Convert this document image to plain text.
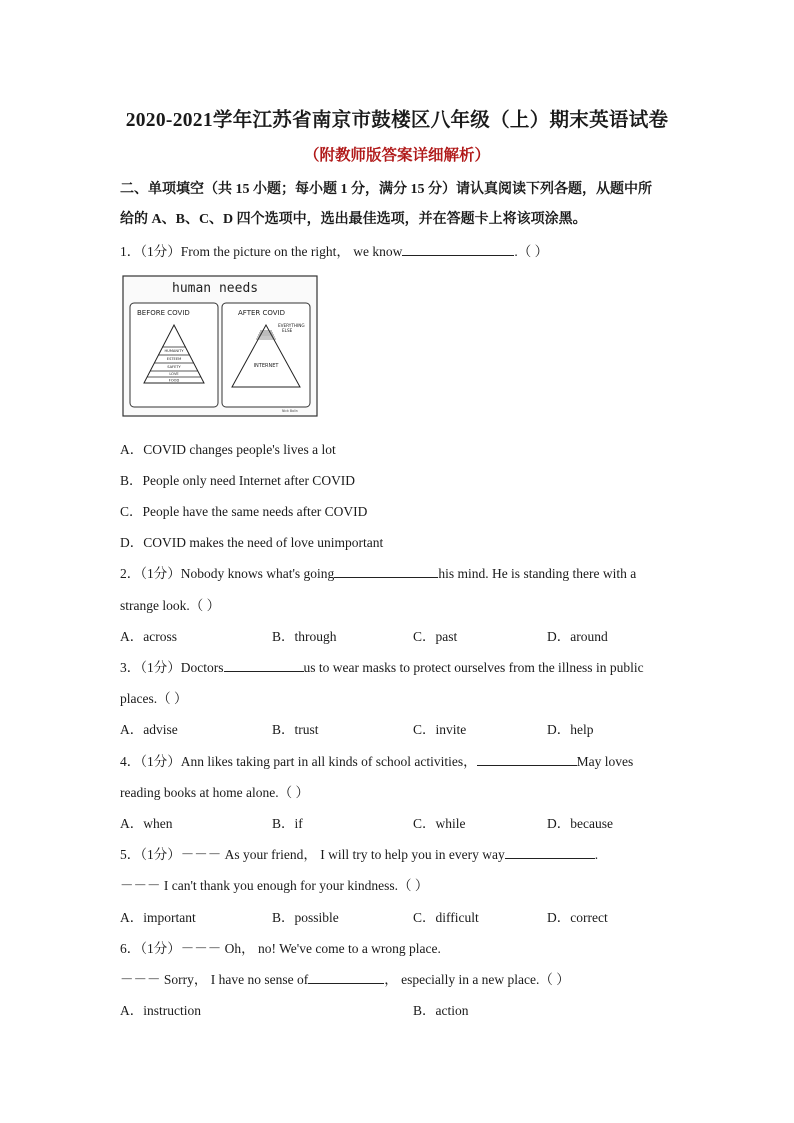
2020-2021学年江苏省南京市鼓楼区八年级（上）期末英语试卷
（附教师版答案详细解析）
二、单项填空（共 15 小题；每小题 1 分，满分 15 分）请认真阅读下列各题，从题中所
给的 A、B、C、D 四个选项中，选出最佳选项，并在答题卡上将该项涂黑。
1．（1分）From the picture on the right， we know	.（ ）
human needs
BEFORE COVID
HUMANITY
ESTEEM
SAFETY
LOVE
FOOD
AFTER COVID
EVERYTHING
ELSE
INTERNET
Nick Bolin
A．COVID changes people's lives a lot
B．People only need Internet after COVID
C．People have the same needs after COVID
D．COVID makes the need of love unimportant
2．（1分）Nobody knows what's going	his mind. He is standing there with a
strange look.（ ）
A．across	B．through	C．past	D．around
3．（1分）Doctors	us to wear masks to protect ourselves from the illness in public
places.（ ）
A．advise	B．trust	C．invite	D．help
4．（1分）Ann likes taking part in all kinds of school activities，	May loves
reading books at home alone.（ ）
A．when	B．if	C．while	D．because
5．（1分）－－－ As your friend， I will try to help you in every way	.
－－－ I can't thank you enough for your kindness.（ ）
A．important	B．possible	C．difficult	D．correct
6．（1分）－－－ Oh， no! We've come to a wrong place.
－－－ Sorry， I have no sense of	， especially in a new place.（ ）
A．instruction	B．action
